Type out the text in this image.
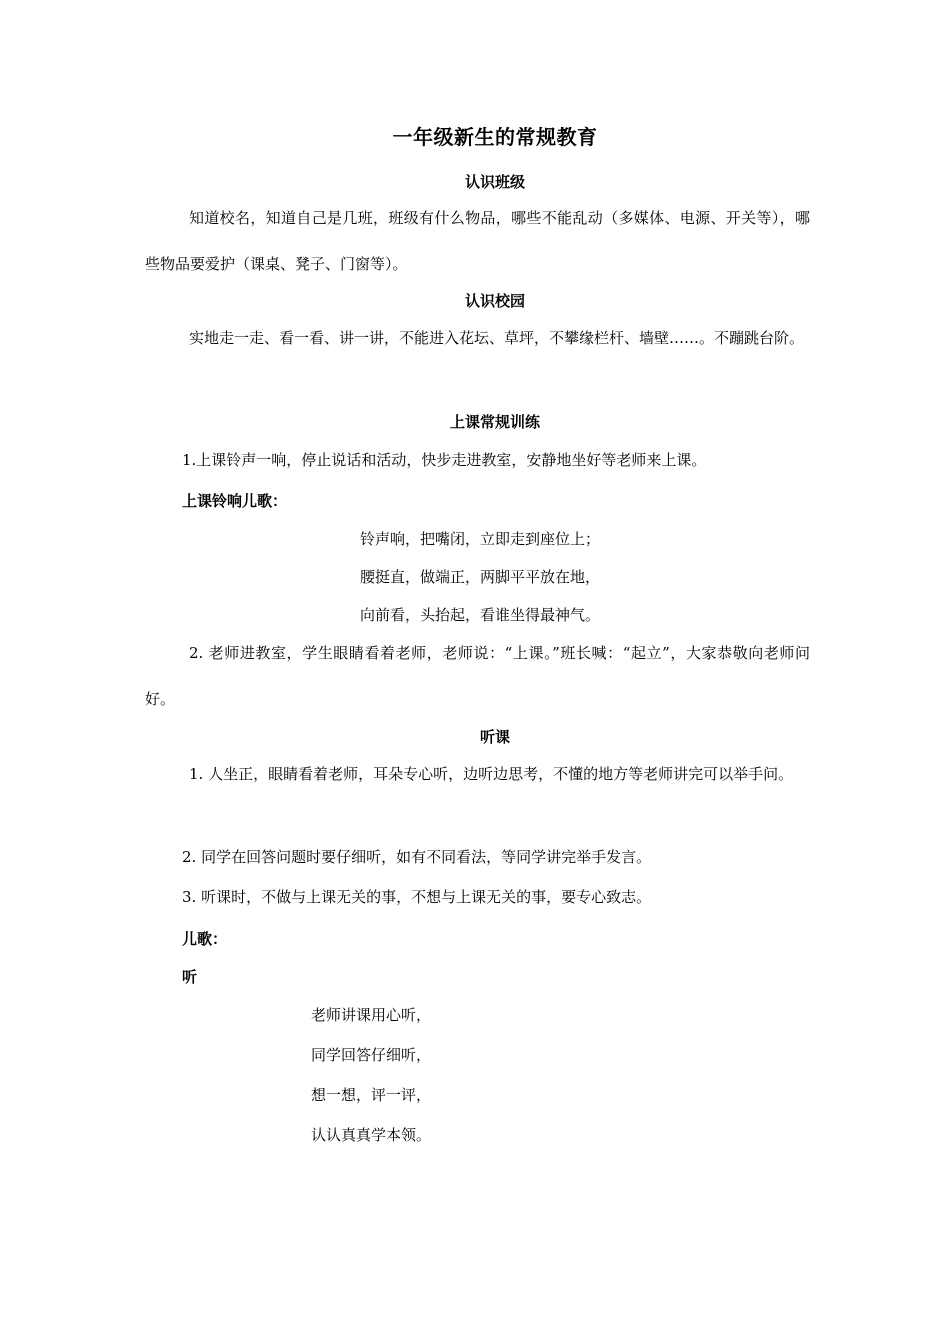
一年级新生的常规教育
认识班级
知道校名，知道自己是几班，班级有什么物品，哪些不能乱动（多媒体、电源、开关等），哪些物品要爱护（课桌、凳子、门窗等）。
认识校园
实地走一走、看一看、讲一讲，不能进入花坛、草坪，不攀缘栏杆、墙壁……。不蹦跳台阶。
上课常规训练
1.上课铃声一响，停止说话和活动，快步走进教室，安静地坐好等老师来上课。
上课铃响儿歌：
铃声响，把嘴闭，立即走到座位上；
腰挺直，做端正，两脚平平放在地，
向前看，头抬起，看谁坐得最神气。
2. 老师进教室，学生眼睛看着老师，老师说：“上课。”班长喊：“起立”，大家恭敬向老师问好。
听课
1. 人坐正，眼睛看着老师，耳朵专心听，边听边思考，不懂的地方等老师讲完可以举手问。
2. 同学在回答问题时要仔细听，如有不同看法，等同学讲完举手发言。
3. 听课时，不做与上课无关的事，不想与上课无关的事，要专心致志。
儿歌：
听
老师讲课用心听，
同学回答仔细听，
想一想，评一评，
认认真真学本领。
